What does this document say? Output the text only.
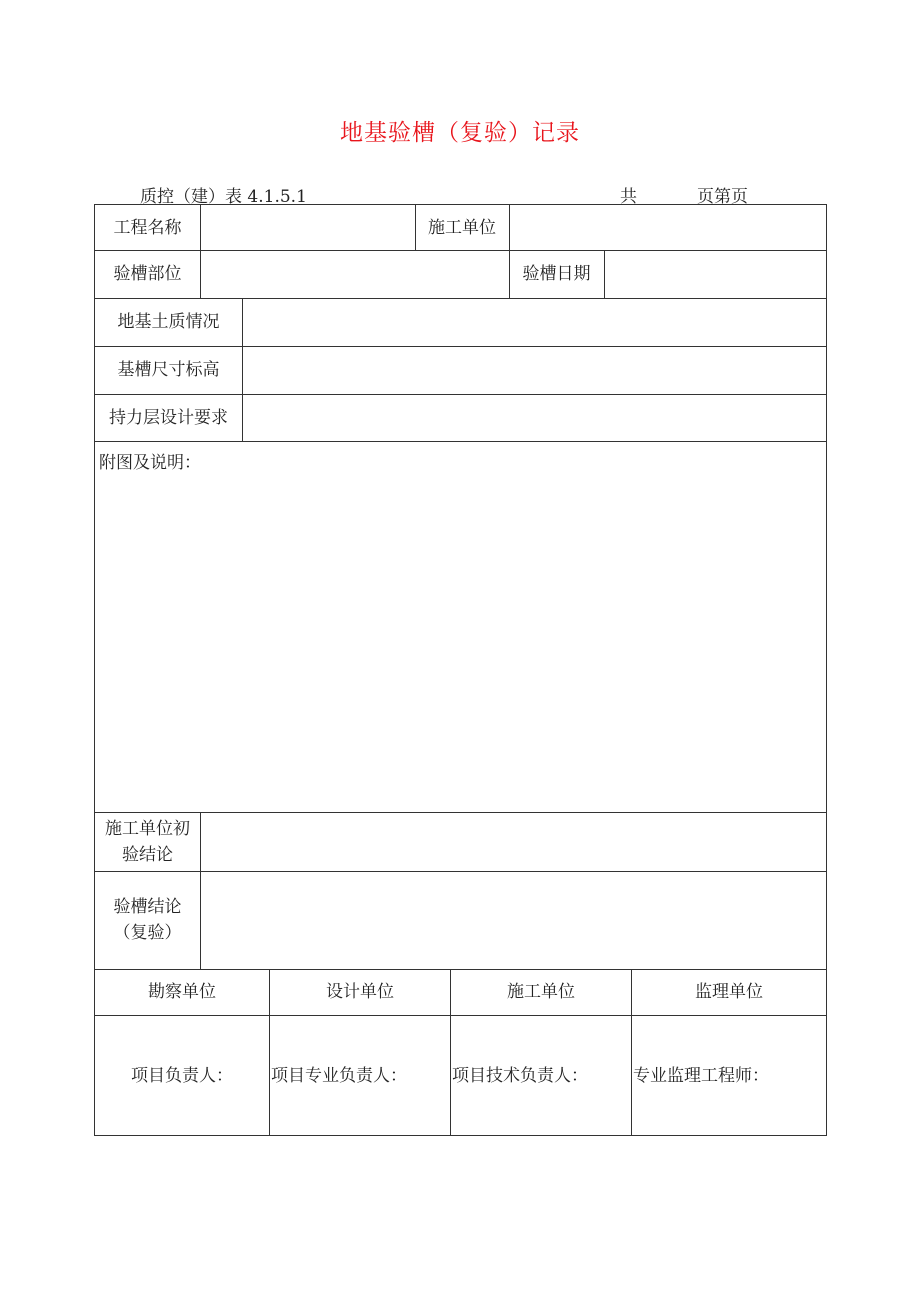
地基验槽（复验）记录
质控（建）表 4.1.5.1	共	页第页
工程名称	施工单位
验槽部位	验槽日期
地基土质情况
基槽尺寸标高
持力层设计要求
附图及说明：
施工单位初
验结论
验槽结论
（复验）
勘察单位	设计单位	施工单位	监理单位
项目负责人：	项目专业负责人：	项目技术负责人：	专业监理工程师：
